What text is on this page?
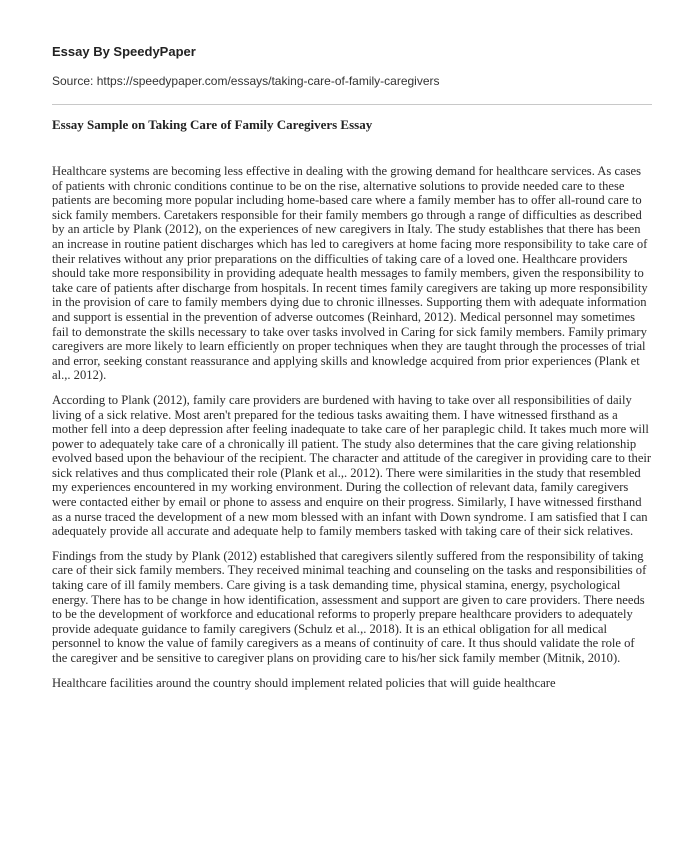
Essay By SpeedyPaper
Source: https://speedypaper.com/essays/taking-care-of-family-caregivers
Essay Sample on Taking Care of Family Caregivers Essay

Healthcare systems are becoming less effective in dealing with the growing demand for healthcare services. As cases of patients with chronic conditions continue to be on the rise, alternative solutions to provide needed care to these patients are becoming more popular including home-based care where a family member has to offer all-round care to sick family members. Caretakers responsible for their family members go through a range of difficulties as described by an article by Plank (2012), on the experiences of new caregivers in Italy. The study establishes that there has been an increase in routine patient discharges which has led to caregivers at home facing more responsibility to take care of their relatives without any prior preparations on the difficulties of taking care of a loved one. Healthcare providers should take more responsibility in providing adequate health messages to family members, given the responsibility to take care of patients after discharge from hospitals. In recent times family caregivers are taking up more responsibility in the provision of care to family members dying due to chronic illnesses. Supporting them with adequate information and support is essential in the prevention of adverse outcomes (Reinhard, 2012). Medical personnel may sometimes fail to demonstrate the skills necessary to take over tasks involved in Caring for sick family members. Family primary caregivers are more likely to learn efficiently on proper techniques when they are taught through the processes of trial and error, seeking constant reassurance and applying skills and knowledge acquired from prior experiences (Plank et al.,. 2012).

According to Plank (2012), family care providers are burdened with having to take over all responsibilities of daily living of a sick relative. Most aren't prepared for the tedious tasks awaiting them. I have witnessed firsthand as a mother fell into a deep depression after feeling inadequate to take care of her paraplegic child. It takes much more will power to adequately take care of a chronically ill patient. The study also determines that the care giving relationship evolved based upon the behaviour of the recipient. The character and attitude of the caregiver in providing care to their sick relatives and thus complicated their role (Plank et al.,. 2012). There were similarities in the study that resembled my experiences encountered in my working environment. During the collection of relevant data, family caregivers were contacted either by email or phone to assess and enquire on their progress. Similarly, I have witnessed firsthand as a nurse traced the development of a new mom blessed with an infant with Down syndrome. I am satisfied that I can adequately provide all accurate and adequate help to family members tasked with taking care of their sick relatives.

Findings from the study by Plank (2012) established that caregivers silently suffered from the responsibility of taking care of their sick family members. They received minimal teaching and counseling on the tasks and responsibilities of taking care of ill family members. Care giving is a task demanding time, physical stamina, energy, psychological energy. There has to be change in how identification, assessment and support are given to care providers. There needs to be the development of workforce and educational reforms to properly prepare healthcare providers to adequately provide adequate guidance to family caregivers (Schulz et al.,. 2018). It is an ethical obligation for all medical personnel to know the value of family caregivers as a means of continuity of care. It thus should validate the role of the caregiver and be sensitive to caregiver plans on providing care to his/her sick family member (Mitnik, 2010).

Healthcare facilities around the country should implement related policies that will guide healthcare
